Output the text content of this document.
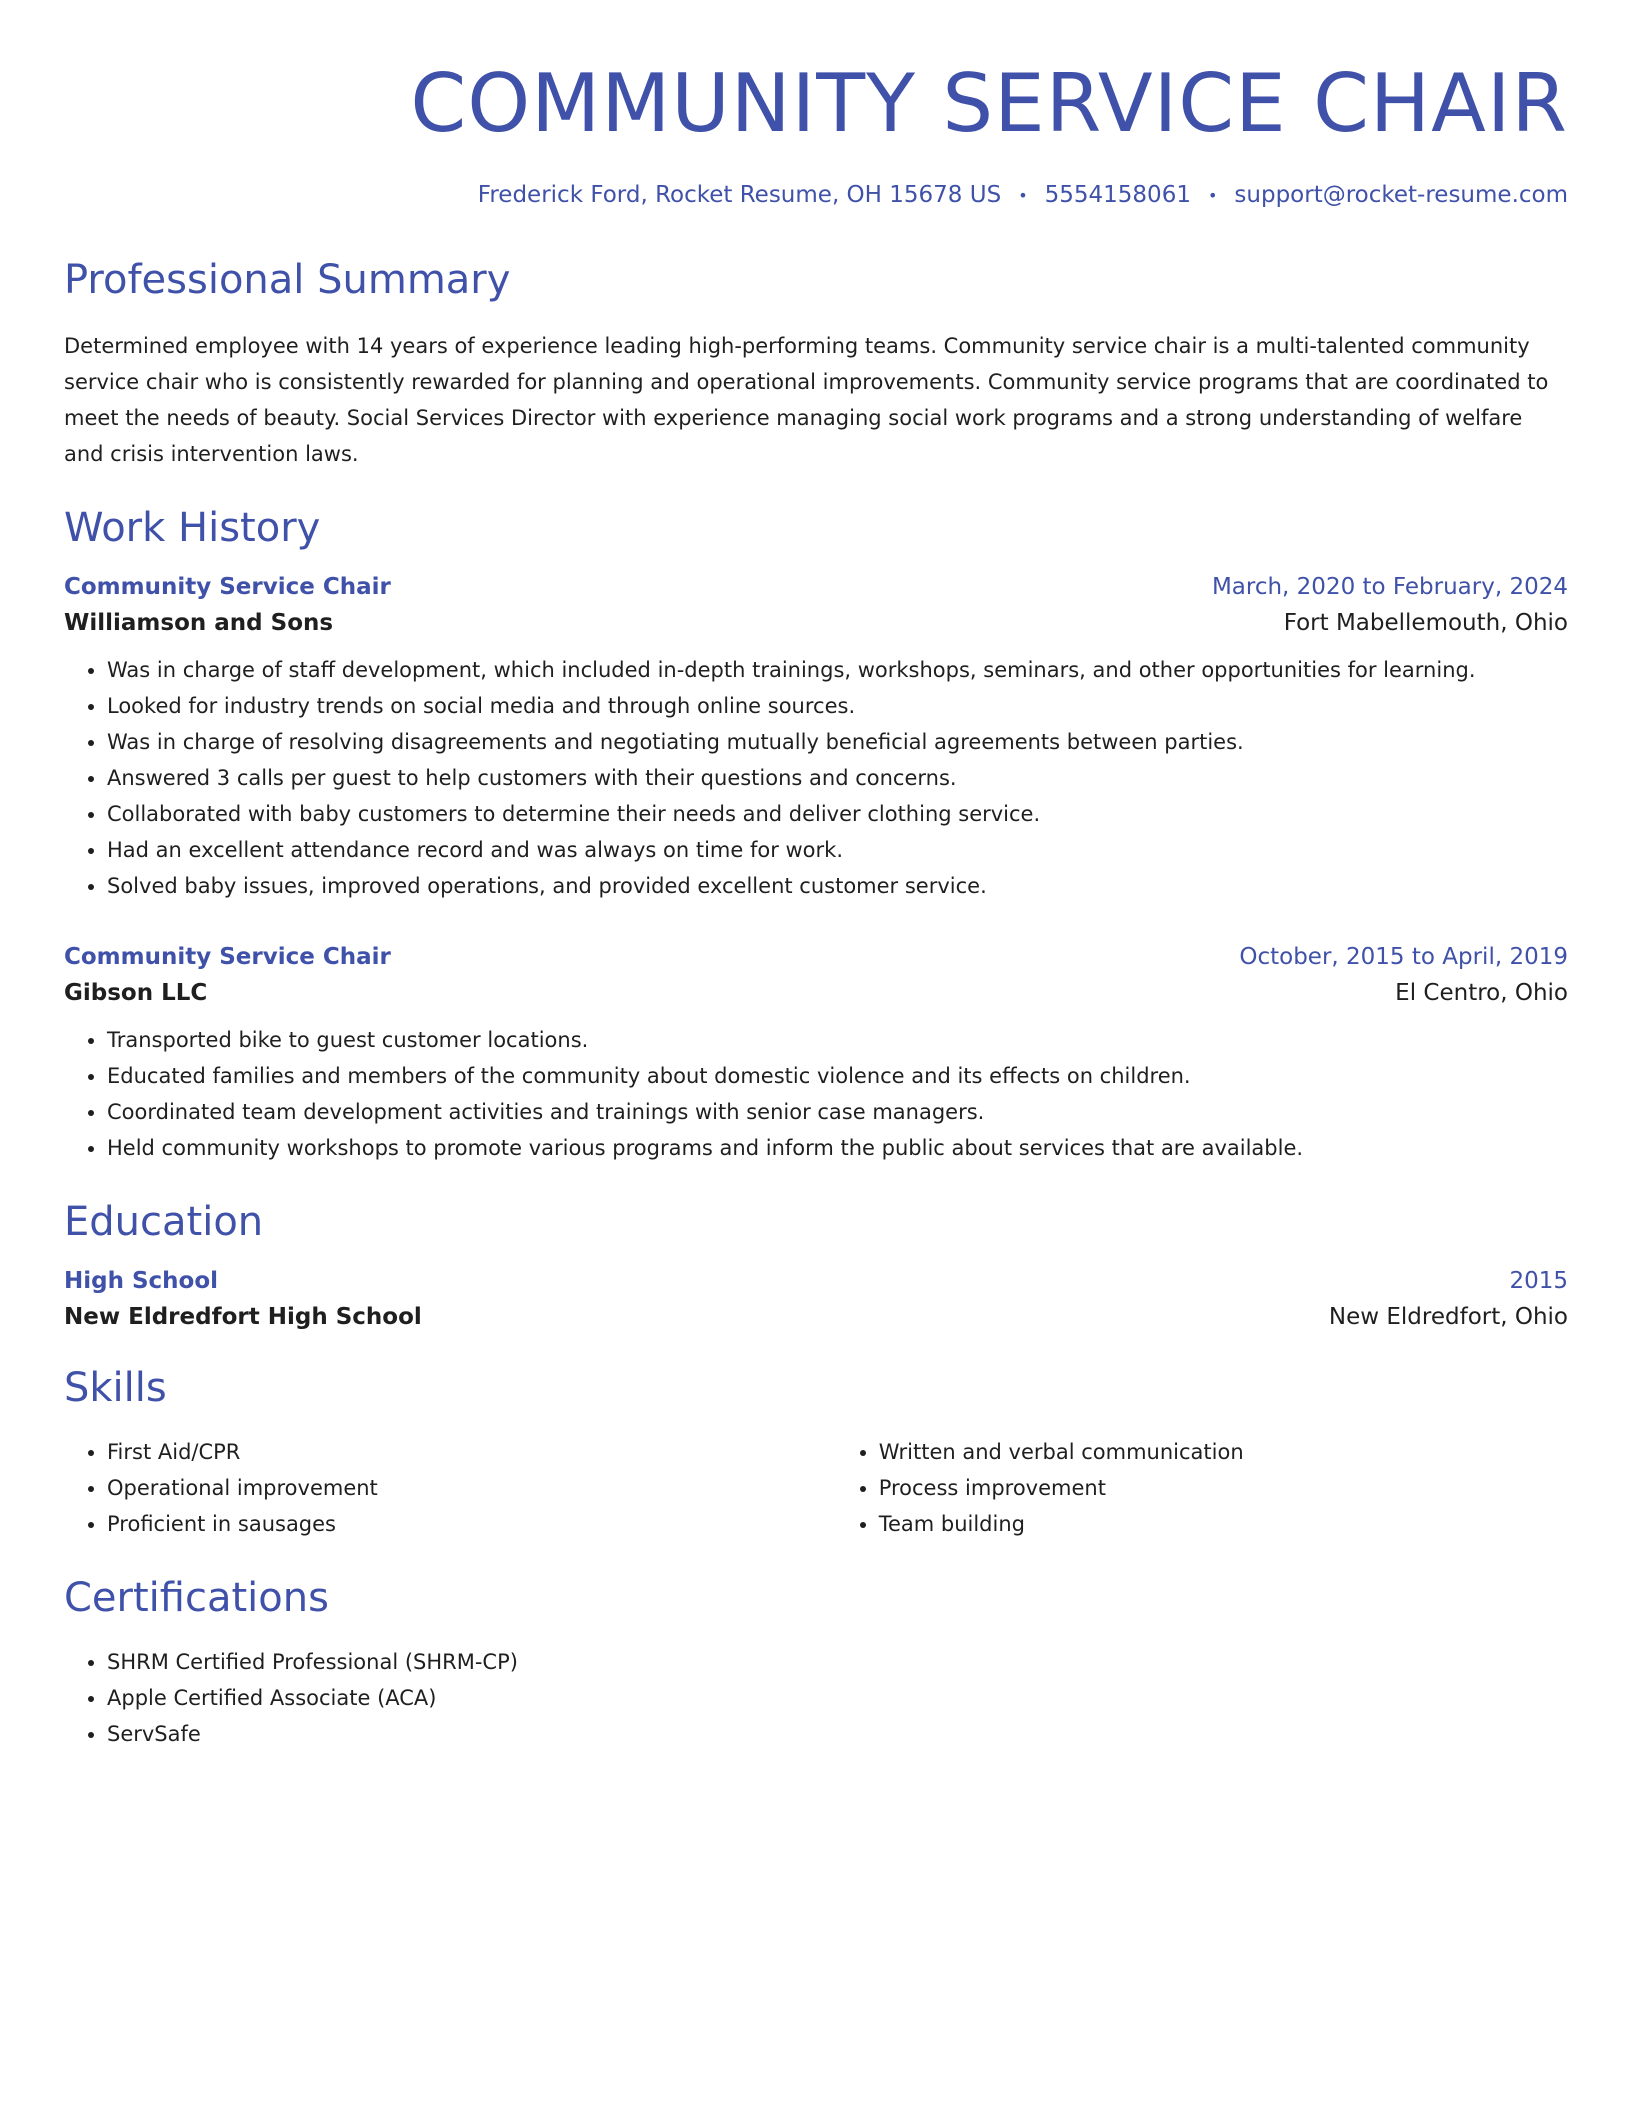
COMMUNITY SERVICE CHAIR
Frederick Ford, Rocket Resume, OH 15678 US • 5554158061 • support@rocket-resume.com
Professional Summary

Determined employee with 14 years of experience leading high-performing teams. Community service chair is a multi-talented community service chair who is consistently rewarded for planning and operational improvements. Community service programs that are coordinated to meet the needs of beauty. Social Services Director with experience managing social work programs and a strong understanding of welfare and crisis intervention laws.

Work History
Community Service Chair	March, 2020 to February, 2024
Williamson and Sons	Fort Mabellemouth, Ohio
• Was in charge of staff development, which included in-depth trainings, workshops, seminars, and other opportunities for learning.
• Looked for industry trends on social media and through online sources.
• Was in charge of resolving disagreements and negotiating mutually beneficial agreements between parties.
• Answered 3 calls per guest to help customers with their questions and concerns.
• Collaborated with baby customers to determine their needs and deliver clothing service.
• Had an excellent attendance record and was always on time for work.
• Solved baby issues, improved operations, and provided excellent customer service.
Community Service Chair	October, 2015 to April, 2019
Gibson LLC	El Centro, Ohio
• Transported bike to guest customer locations.
• Educated families and members of the community about domestic violence and its effects on children.
• Coordinated team development activities and trainings with senior case managers.
• Held community workshops to promote various programs and inform the public about services that are available.
Education
High School	2015
New Eldredfort High School	New Eldredfort, Ohio
Skills
• First Aid/CPR
• Operational improvement
• Proficient in sausages
• Written and verbal communication
• Process improvement
• Team building
Certifications
• SHRM Certified Professional (SHRM-CP)
• Apple Certified Associate (ACA)
• ServSafe
